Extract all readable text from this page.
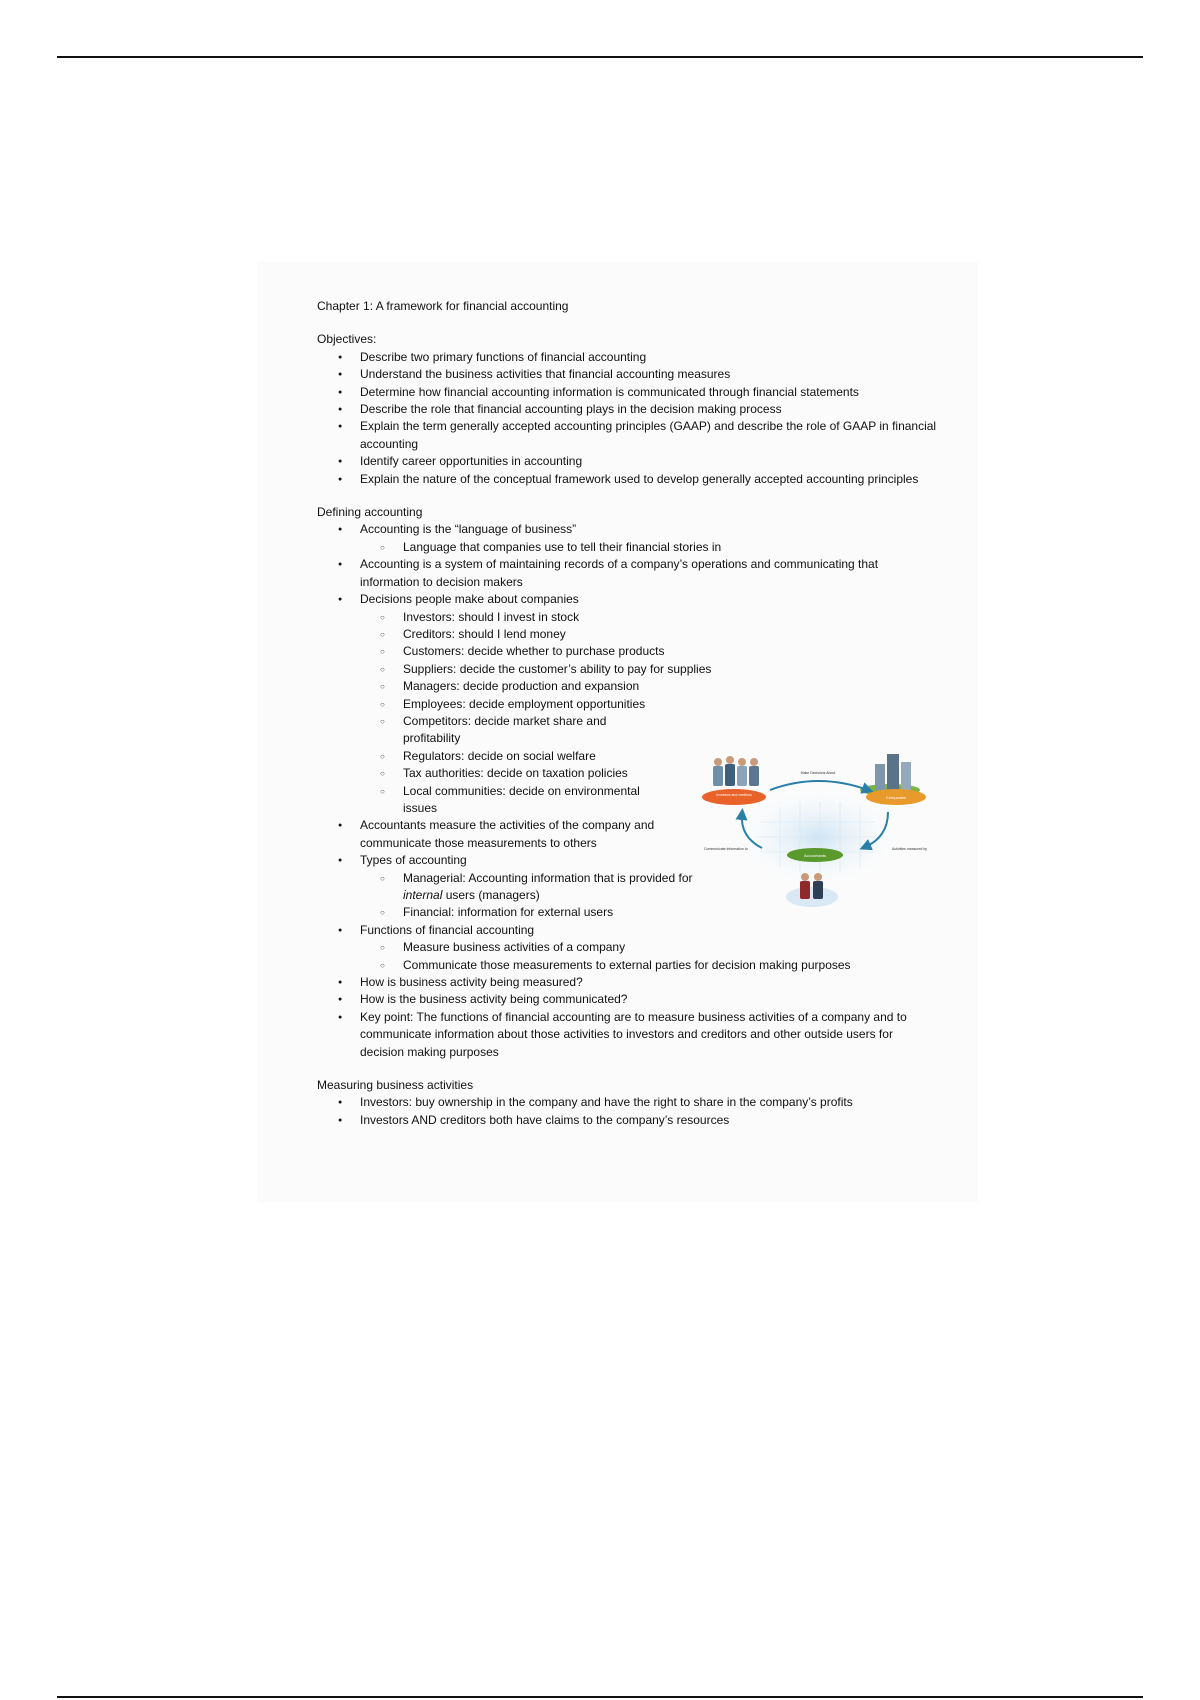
Chapter 1: A framework for financial accounting

Objectives:

● Describe two primary functions of financial accounting
● Understand the business activities that financial accounting measures
● Determine how financial accounting information is communicated through financial statements
● Describe the role that financial accounting plays in the decision making process
● Explain the term generally accepted accounting principles (GAAP) and describe the role of GAAP in financial accounting
● Identify career opportunities in accounting
● Explain the nature of the conceptual framework used to develop generally accepted accounting principles

Defining accounting

● Accounting is the “language of business”
○ Language that companies use to tell their financial stories in
● Accounting is a system of maintaining records of a company’s operations and communicating that information to decision makers
● Decisions people make about companies
○ Investors: should I invest in stock
○ Creditors: should I lend money
○ Customers: decide whether to purchase products
○ Suppliers: decide the customer’s ability to pay for supplies
○ Managers: decide production and expansion
○ Employees: decide employment opportunities
○ Competitors: decide market share and profitability
○ Regulators: decide on social welfare
○ Tax authorities: decide on taxation policies
○ Local communities: decide on environmental issues
● Accountants measure the activities of the company and communicate those measurements to others
● Types of accounting
○ Managerial: Accounting information that is provided for internal users (managers)
○ Financial: information for external users
● Functions of financial accounting
○ Measure business activities of a company
○ Communicate those measurements to external parties for decision making purposes
● How is business activity being measured?
● How is the business activity being communicated?
● Key point: The functions of financial accounting are to measure business activities of a company and to communicate information about those activities to investors and creditors and other outside users for decision making purposes

Measuring business activities

● Investors: buy ownership in the company and have the right to share in the company’s profits
● Investors AND creditors both have claims to the company’s resources
Investors and creditors	Companies
Accountants
Make Decisions About
Communicate information to	Activities measured by
